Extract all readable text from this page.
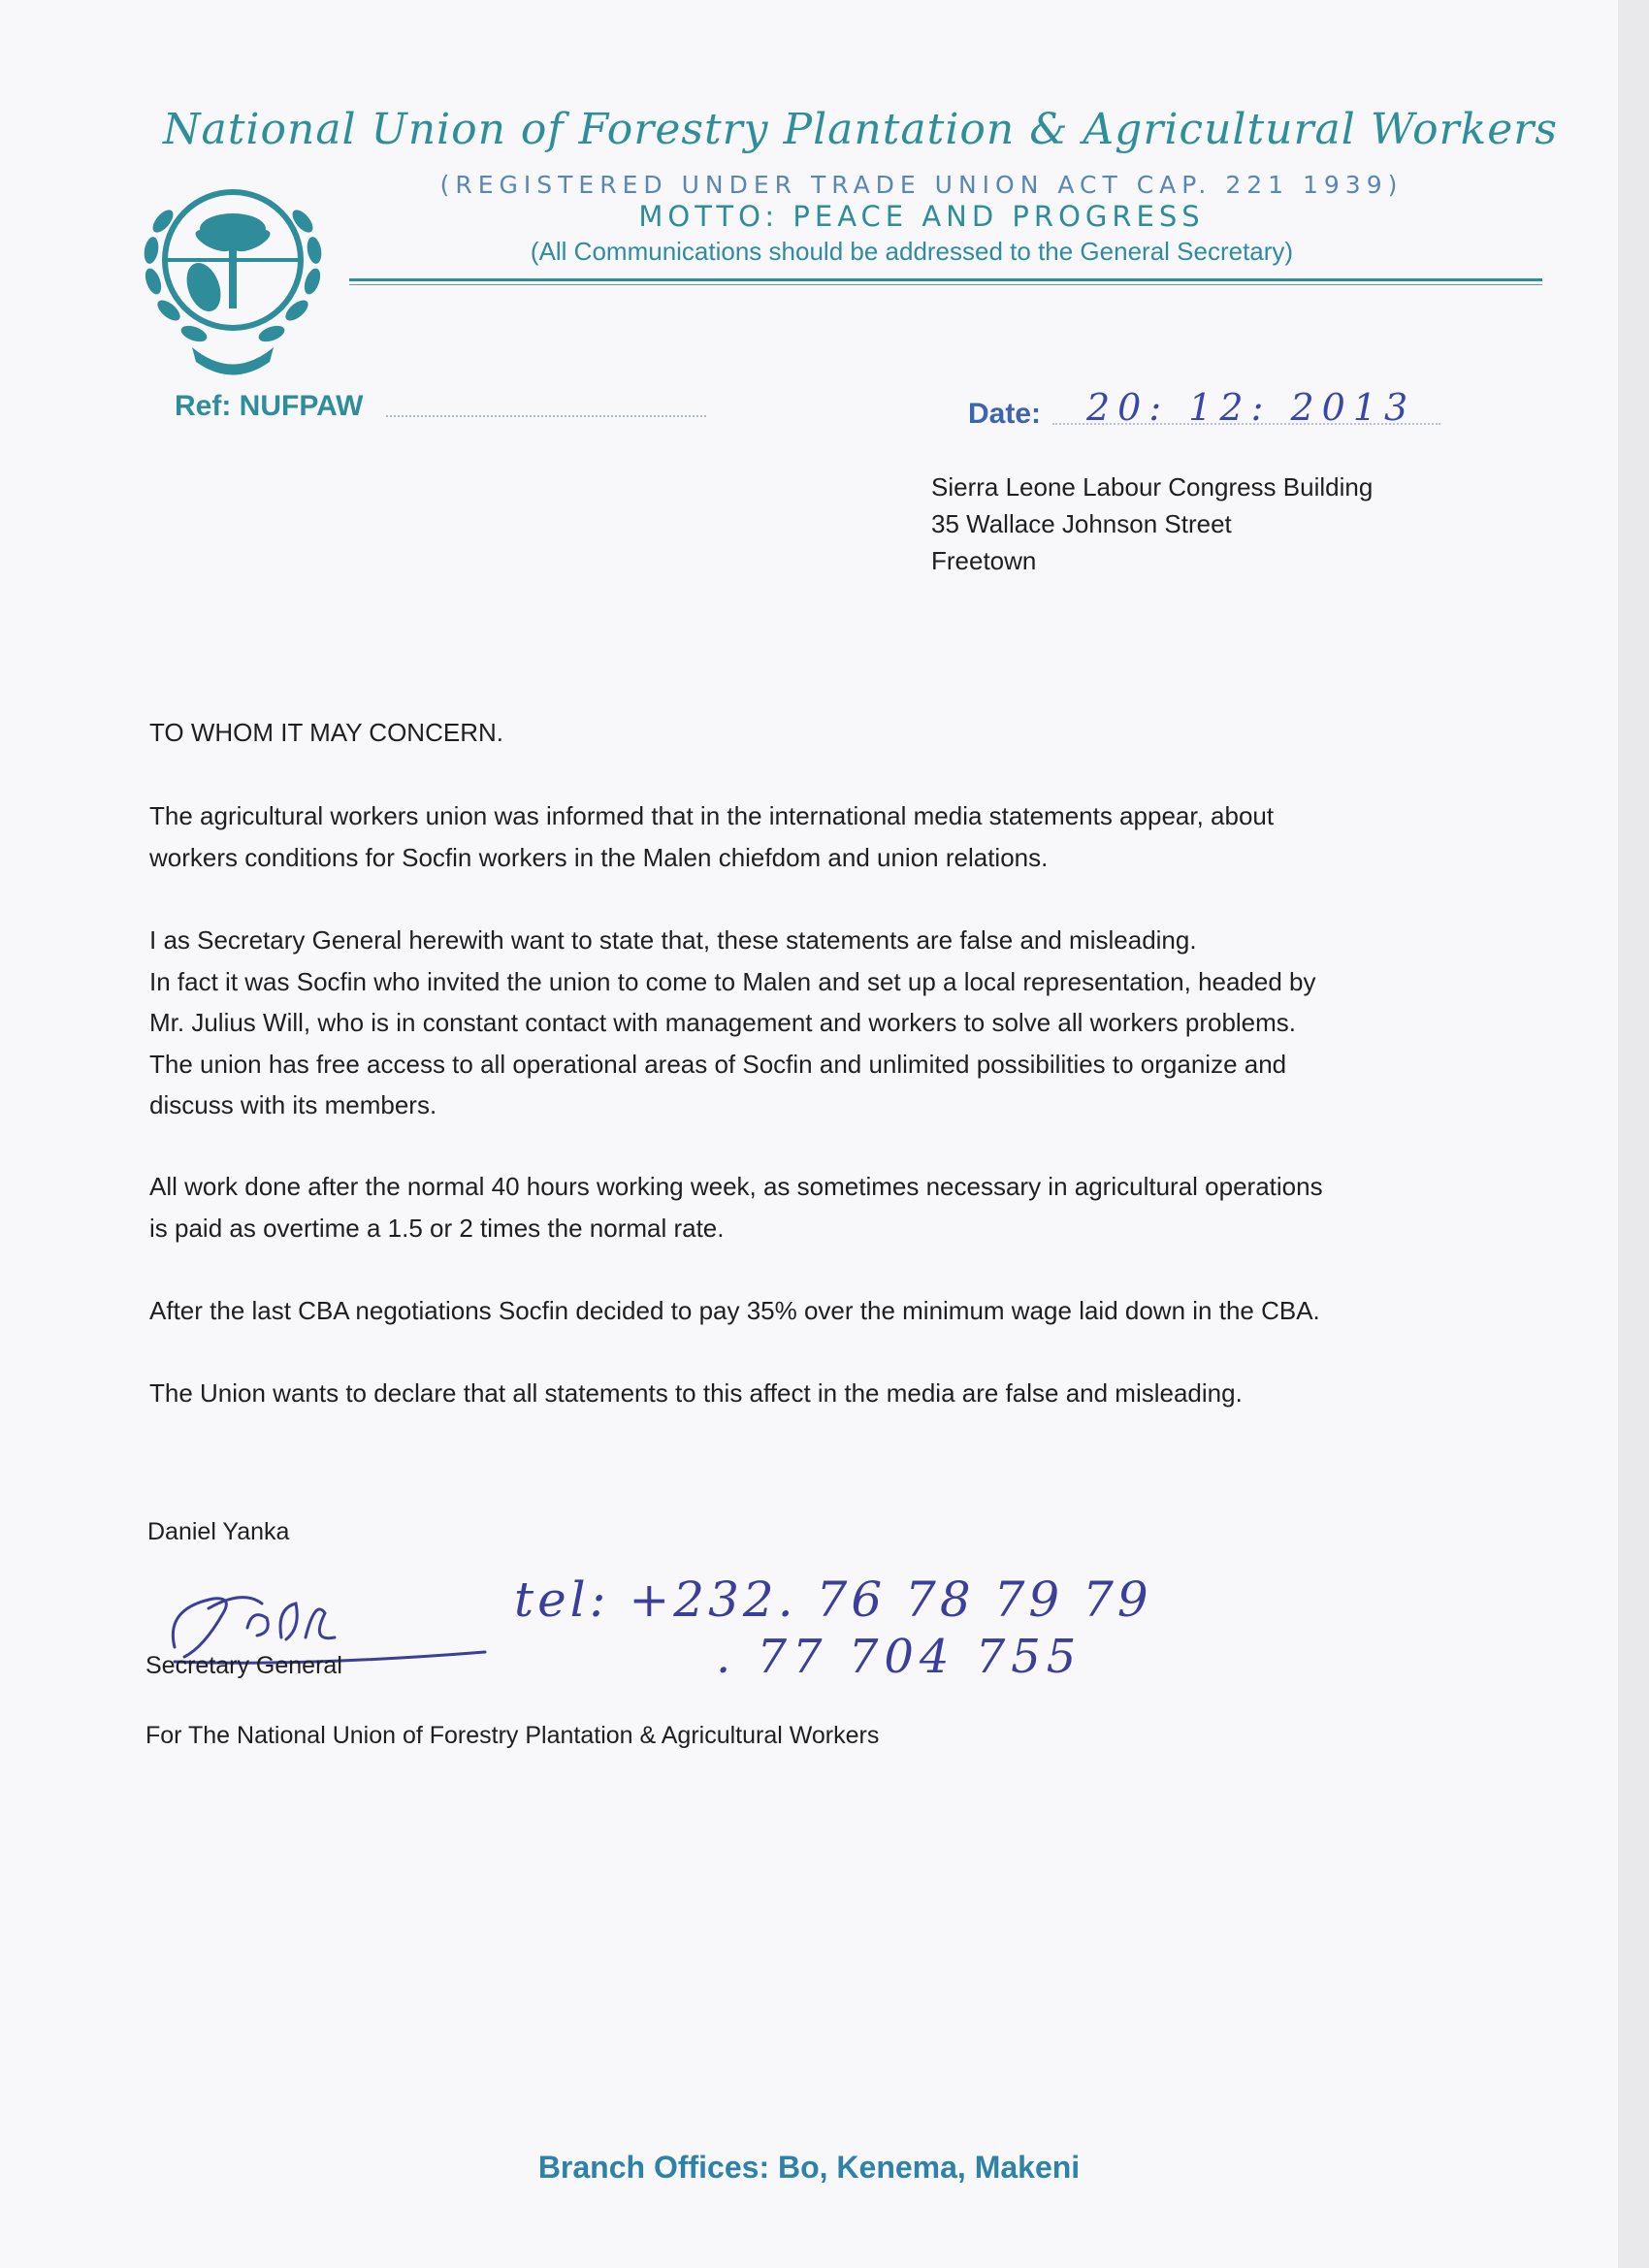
National Union of Forestry Plantation & Agricultural Workers
(REGISTERED UNDER TRADE UNION ACT CAP. 221 1939)
MOTTO: PEACE AND PROGRESS
(All Communications should be addressed to the General Secretary)
Ref: NUFPAW	Date: 20: 12: 2013
Sierra Leone Labour Congress Building
35 Wallace Johnson Street
Freetown
TO WHOM IT MAY CONCERN.
The agricultural workers union was informed that in the international media statements appear, about
workers conditions for Socfin workers in the Malen chiefdom and union relations.
I as Secretary General herewith want to state that, these statements are false and misleading.
In fact it was Socfin who invited the union to come to Malen and set up a local representation, headed by
Mr. Julius Will, who is in constant contact with management and workers to solve all workers problems.
The union has free access to all operational areas of Socfin and unlimited possibilities to organize and
discuss with its members.
All work done after the normal 40 hours working week, as sometimes necessary in agricultural operations
is paid as overtime a 1.5 or 2 times the normal rate.
After the last CBA negotiations Socfin decided to pay 35% over the minimum wage laid down in the CBA.
The Union wants to declare that all statements to this affect in the media are false and misleading.
Daniel Yanka
Secretary General
tel: +232. 76 78 79 79
. 77 704 755
For The National Union of Forestry Plantation & Agricultural Workers
Branch Offices: Bo, Kenema, Makeni
